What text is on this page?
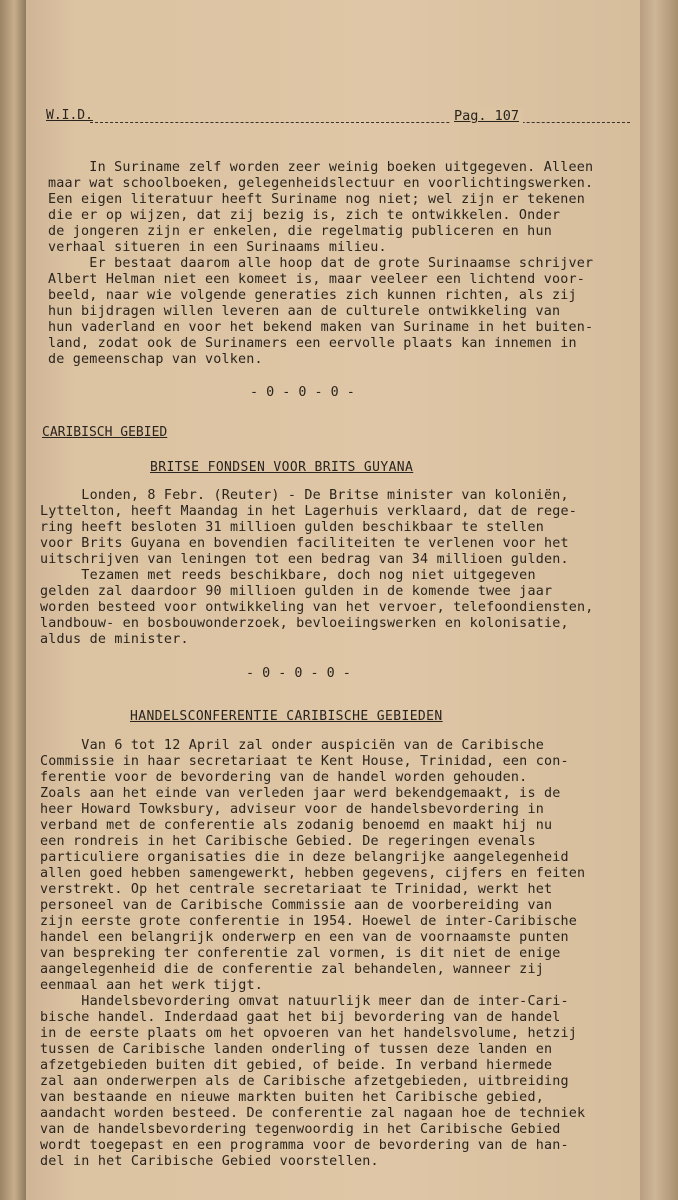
W.I.D.	Pag. 107
In Suriname zelf worden zeer weinig boeken uitgegeven. Alleen
maar wat schoolboeken, gelegenheidslectuur en voorlichtingswerken.
Een eigen literatuur heeft Suriname nog niet; wel zijn er tekenen
die er op wijzen, dat zij bezig is, zich te ontwikkelen. Onder
de jongeren zijn er enkelen, die regelmatig publiceren en hun
verhaal situeren in een Surinaams milieu.
Er bestaat daarom alle hoop dat de grote Surinaamse schrijver
Albert Helman niet een komeet is, maar veeleer een lichtend voor-
beeld, naar wie volgende generaties zich kunnen richten, als zij
hun bijdragen willen leveren aan de culturele ontwikkeling van
hun vaderland en voor het bekend maken van Suriname in het buiten-
land, zodat ook de Surinamers een eervolle plaats kan innemen in
de gemeenschap van volken.
- 0 - 0 - 0 -
CARIBISCH GEBIED
BRITSE FONDSEN VOOR BRITS GUYANA
Londen, 8 Febr. (Reuter) - De Britse minister van koloniën,
Lyttelton, heeft Maandag in het Lagerhuis verklaard, dat de rege-
ring heeft besloten 31 millioen gulden beschikbaar te stellen
voor Brits Guyana en bovendien faciliteiten te verlenen voor het
uitschrijven van leningen tot een bedrag van 34 millioen gulden.
Tezamen met reeds beschikbare, doch nog niet uitgegeven
gelden zal daardoor 90 millioen gulden in de komende twee jaar
worden besteed voor ontwikkeling van het vervoer, telefoondiensten,
landbouw- en bosbouwonderzoek, bevloeiingswerken en kolonisatie,
aldus de minister.
- 0 - 0 - 0 -
HANDELSCONFERENTIE CARIBISCHE GEBIEDEN
Van 6 tot 12 April zal onder auspiciën van de Caribische
Commissie in haar secretariaat te Kent House, Trinidad, een con-
ferentie voor de bevordering van de handel worden gehouden.
Zoals aan het einde van verleden jaar werd bekendgemaakt, is de
heer Howard Towksbury, adviseur voor de handelsbevordering in
verband met de conferentie als zodanig benoemd en maakt hij nu
een rondreis in het Caribische Gebied. De regeringen evenals
particuliere organisaties die in deze belangrijke aangelegenheid
allen goed hebben samengewerkt, hebben gegevens, cijfers en feiten
verstrekt. Op het centrale secretariaat te Trinidad, werkt het
personeel van de Caribische Commissie aan de voorbereiding van
zijn eerste grote conferentie in 1954. Hoewel de inter-Caribische
handel een belangrijk onderwerp en een van de voornaamste punten
van bespreking ter conferentie zal vormen, is dit niet de enige
aangelegenheid die de conferentie zal behandelen, wanneer zij
eenmaal aan het werk tijgt.
Handelsbevordering omvat natuurlijk meer dan de inter-Cari-
bische handel. Inderdaad gaat het bij bevordering van de handel
in de eerste plaats om het opvoeren van het handelsvolume, hetzij
tussen de Caribische landen onderling of tussen deze landen en
afzetgebieden buiten dit gebied, of beide. In verband hiermede
zal aan onderwerpen als de Caribische afzetgebieden, uitbreiding
van bestaande en nieuwe markten buiten het Caribische gebied,
aandacht worden besteed. De conferentie zal nagaan hoe de techniek
van de handelsbevordering tegenwoordig in het Caribische Gebied
wordt toegepast en een programma voor de bevordering van de han-
del in het Caribische Gebied voorstellen.
